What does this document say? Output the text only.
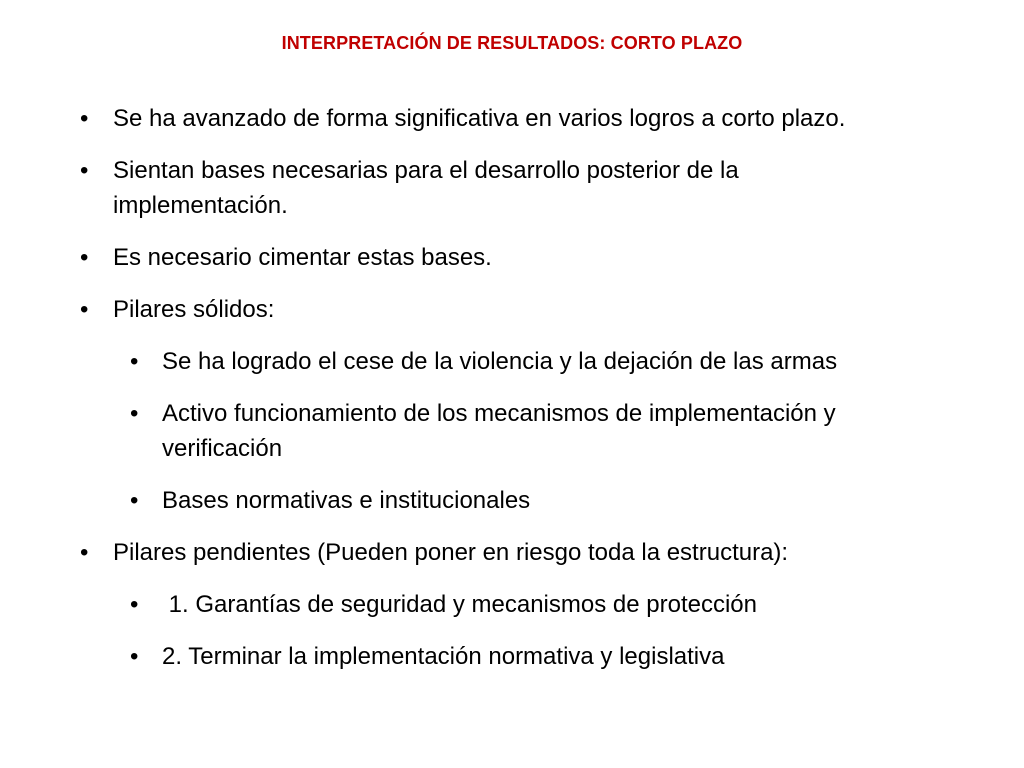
INTERPRETACIÓN DE RESULTADOS: CORTO PLAZO
• Se ha avanzado de forma significativa en varios logros a corto plazo.
• Sientan bases necesarias para el desarrollo posterior de la implementación.
• Es necesario cimentar estas bases.
• Pilares sólidos:
• Se ha logrado el cese de la violencia y la dejación de las armas
• Activo funcionamiento de los mecanismos de implementación y verificación
• Bases normativas e institucionales
• Pilares pendientes (Pueden poner en riesgo toda la estructura):
• 1. Garantías de seguridad y mecanismos de protección
• 2. Terminar la implementación normativa y legislativa
